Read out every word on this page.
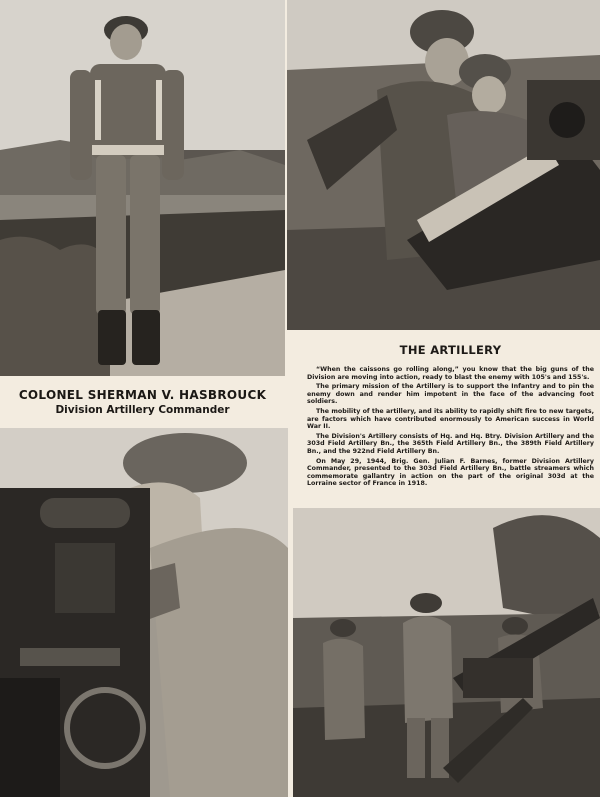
COLONEL SHERMAN V. HASBROUCK
Division Artillery Commander
THE ARTILLERY

“When the caissons go rolling along,” you know that the big guns of the Division are moving into action, ready to blast the enemy with 105's and 155's.

The primary mission of the Artillery is to support the Infantry and to pin the enemy down and render him impotent in the face of the advancing foot soldiers.

The mobility of the artillery, and its ability to rapidly shift fire to new targets, are factors which have contributed enormously to American success in World War II.

The Division's Artillery consists of Hq. and Hq. Btry. Division Artillery and the 303d Field Artillery Bn., the 365th Field Artillery Bn., the 389th Field Artillery Bn., and the 922nd Field Artillery Bn.

On May 29, 1944, Brig. Gen. Julian F. Barnes, former Division Artillery Commander, presented to the 303d Field Artillery Bn., battle streamers which commemorate gallantry in action on the part of the original 303d at the Lorraine sector of France in 1918.
